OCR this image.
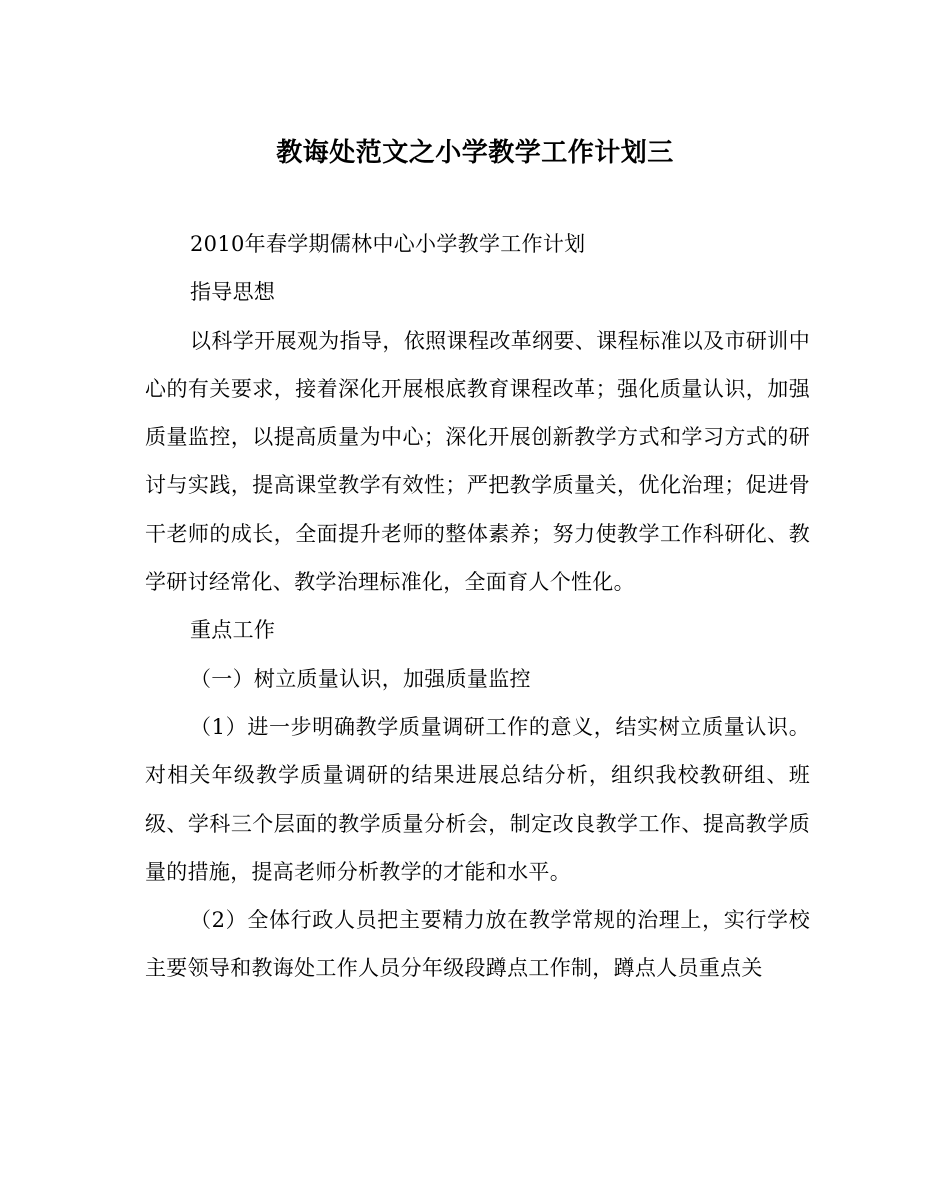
教诲处范文之小学教学工作计划三

2010年春学期儒林中心小学教学工作计划

指导思想

以科学开展观为指导，依照课程改革纲要、课程标准以及市研训中心的有关要求，接着深化开展根底教育课程改革；强化质量认识，加强质量监控，以提高质量为中心；深化开展创新教学方式和学习方式的研讨与实践，提高课堂教学有效性；严把教学质量关，优化治理；促进骨干老师的成长，全面提升老师的整体素养；努力使教学工作科研化、教学研讨经常化、教学治理标准化，全面育人个性化。

重点工作

（一）树立质量认识，加强质量监控

（1）进一步明确教学质量调研工作的意义，结实树立质量认识。对相关年级教学质量调研的结果进展总结分析，组织我校教研组、班级、学科三个层面的教学质量分析会，制定改良教学工作、提高教学质量的措施，提高老师分析教学的才能和水平。

（2）全体行政人员把主要精力放在教学常规的治理上，实行学校主要领导和教诲处工作人员分年级段蹲点工作制，蹲点人员重点关
